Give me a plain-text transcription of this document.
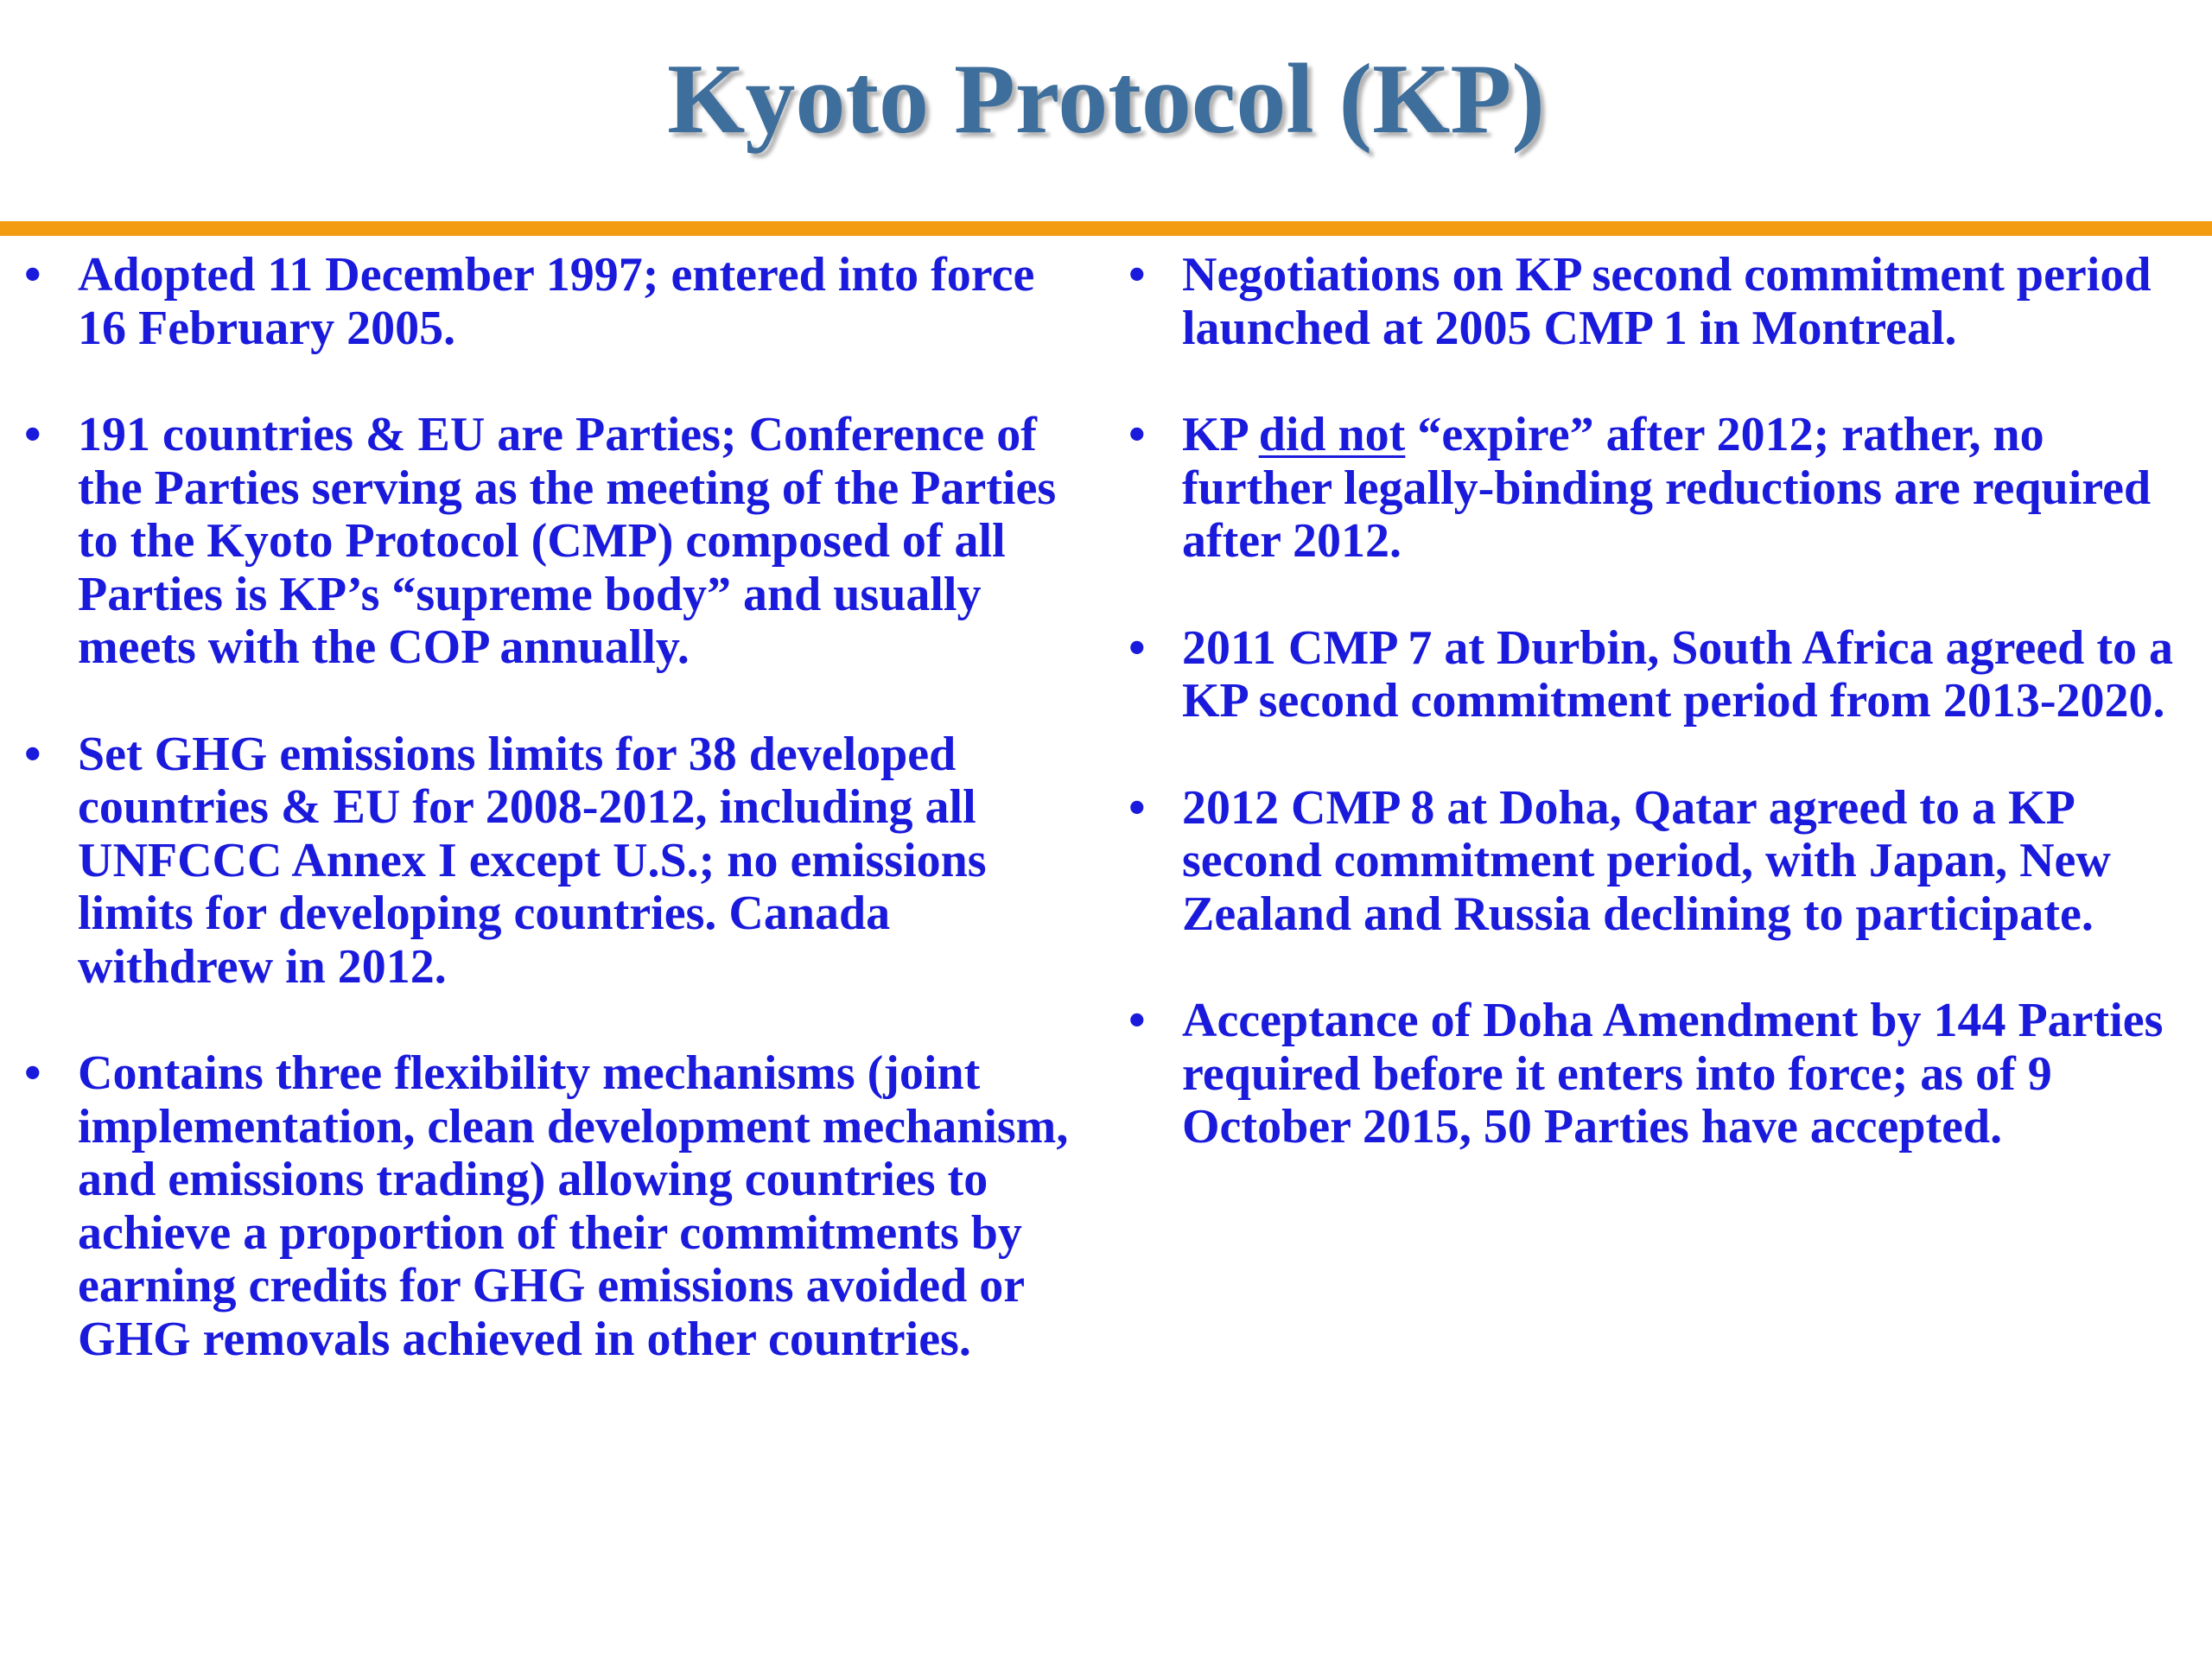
Kyoto Protocol (KP)
• Adopted 11 December 1997; entered into force 16 February 2005.
• 191 countries & EU are Parties; Conference of the Parties serving as the meeting of the Parties to the Kyoto Protocol (CMP) composed of all Parties is KP’s “supreme body” and usually meets with the COP annually.
• Set GHG emissions limits for 38 developed countries & EU for 2008-2012, including all UNFCCC Annex I except U.S.; no emissions limits for developing countries. Canada withdrew in 2012.
• Contains three flexibility mechanisms (joint implementation, clean development mechanism, and emissions trading) allowing countries to achieve a proportion of their commitments by earning credits for GHG emissions avoided or GHG removals achieved in other countries.
• Negotiations on KP second commitment period launched at 2005 CMP 1 in Montreal.
• KP did not “expire” after 2012; rather, no further legally-binding reductions are required after 2012.
• 2011 CMP 7 at Durbin, South Africa agreed to a KP second commitment period from 2013-2020.
• 2012 CMP 8 at Doha, Qatar agreed to a KP second commitment period, with Japan, New Zealand and Russia declining to participate.
• Acceptance of Doha Amendment by 144 Parties required before it enters into force; as of 9 October 2015, 50 Parties have accepted.
